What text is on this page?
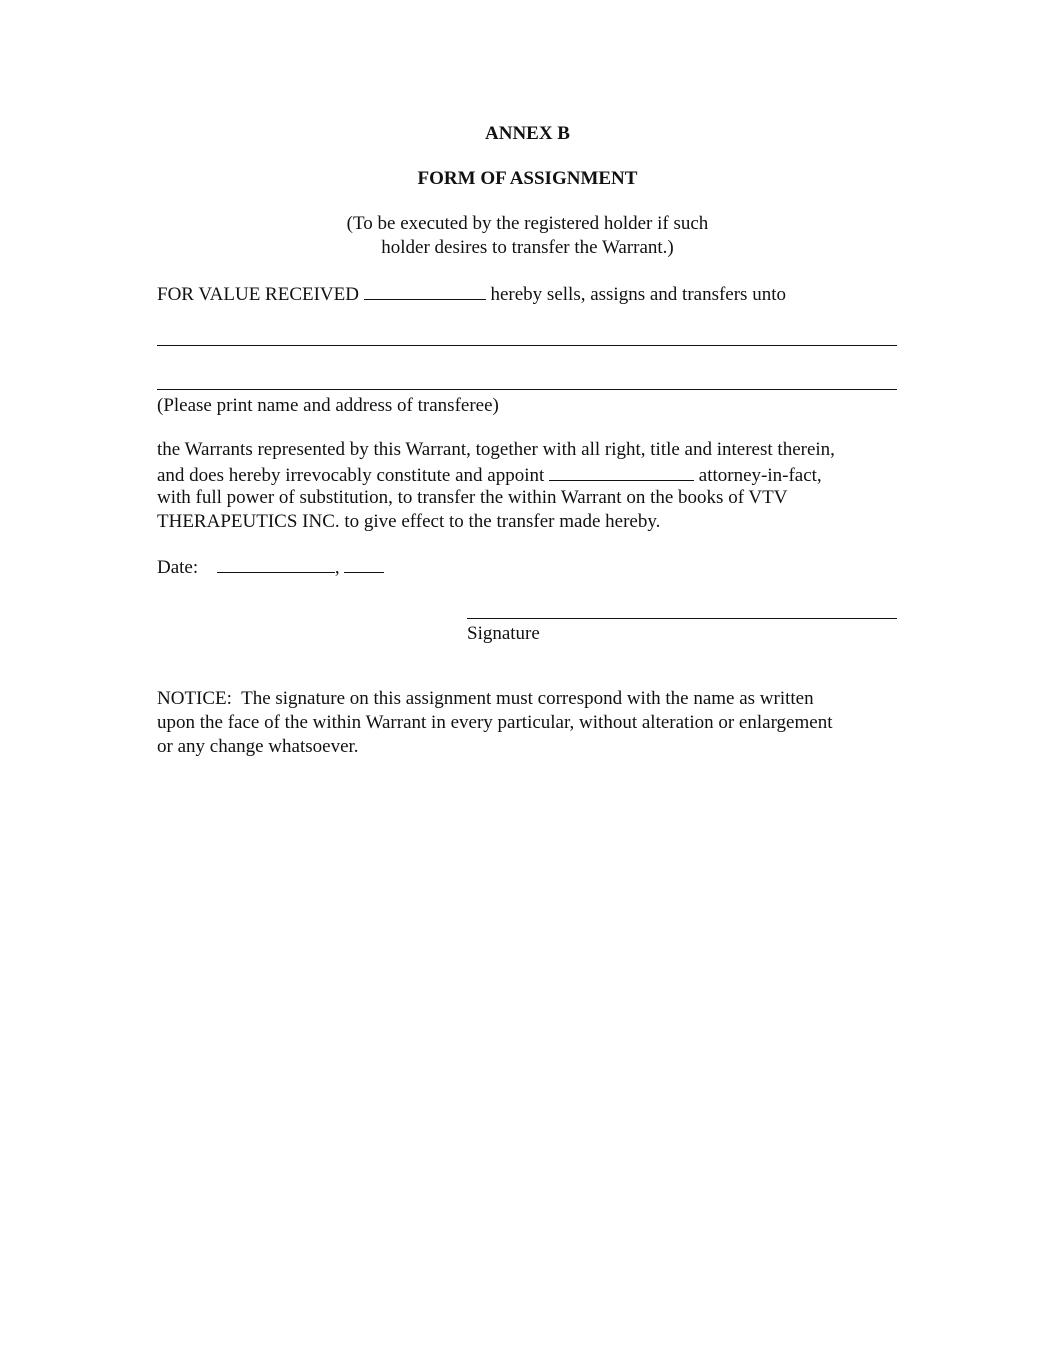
ANNEX B
FORM OF ASSIGNMENT
(To be executed by the registered holder if such
holder desires to transfer the Warrant.)
FOR VALUE RECEIVED	hereby sells, assigns and transfers unto
(Please print name and address of transferee)
the Warrants represented by this Warrant, together with all right, title and interest therein,
and does hereby irrevocably constitute and appoint	attorney-in-fact,
with full power of substitution, to transfer the within Warrant on the books of VTV
THERAPEUTICS INC. to give effect to the transfer made hereby.
Date:	,
Signature
NOTICE:  The signature on this assignment must correspond with the name as written
upon the face of the within Warrant in every particular, without alteration or enlargement
or any change whatsoever.
